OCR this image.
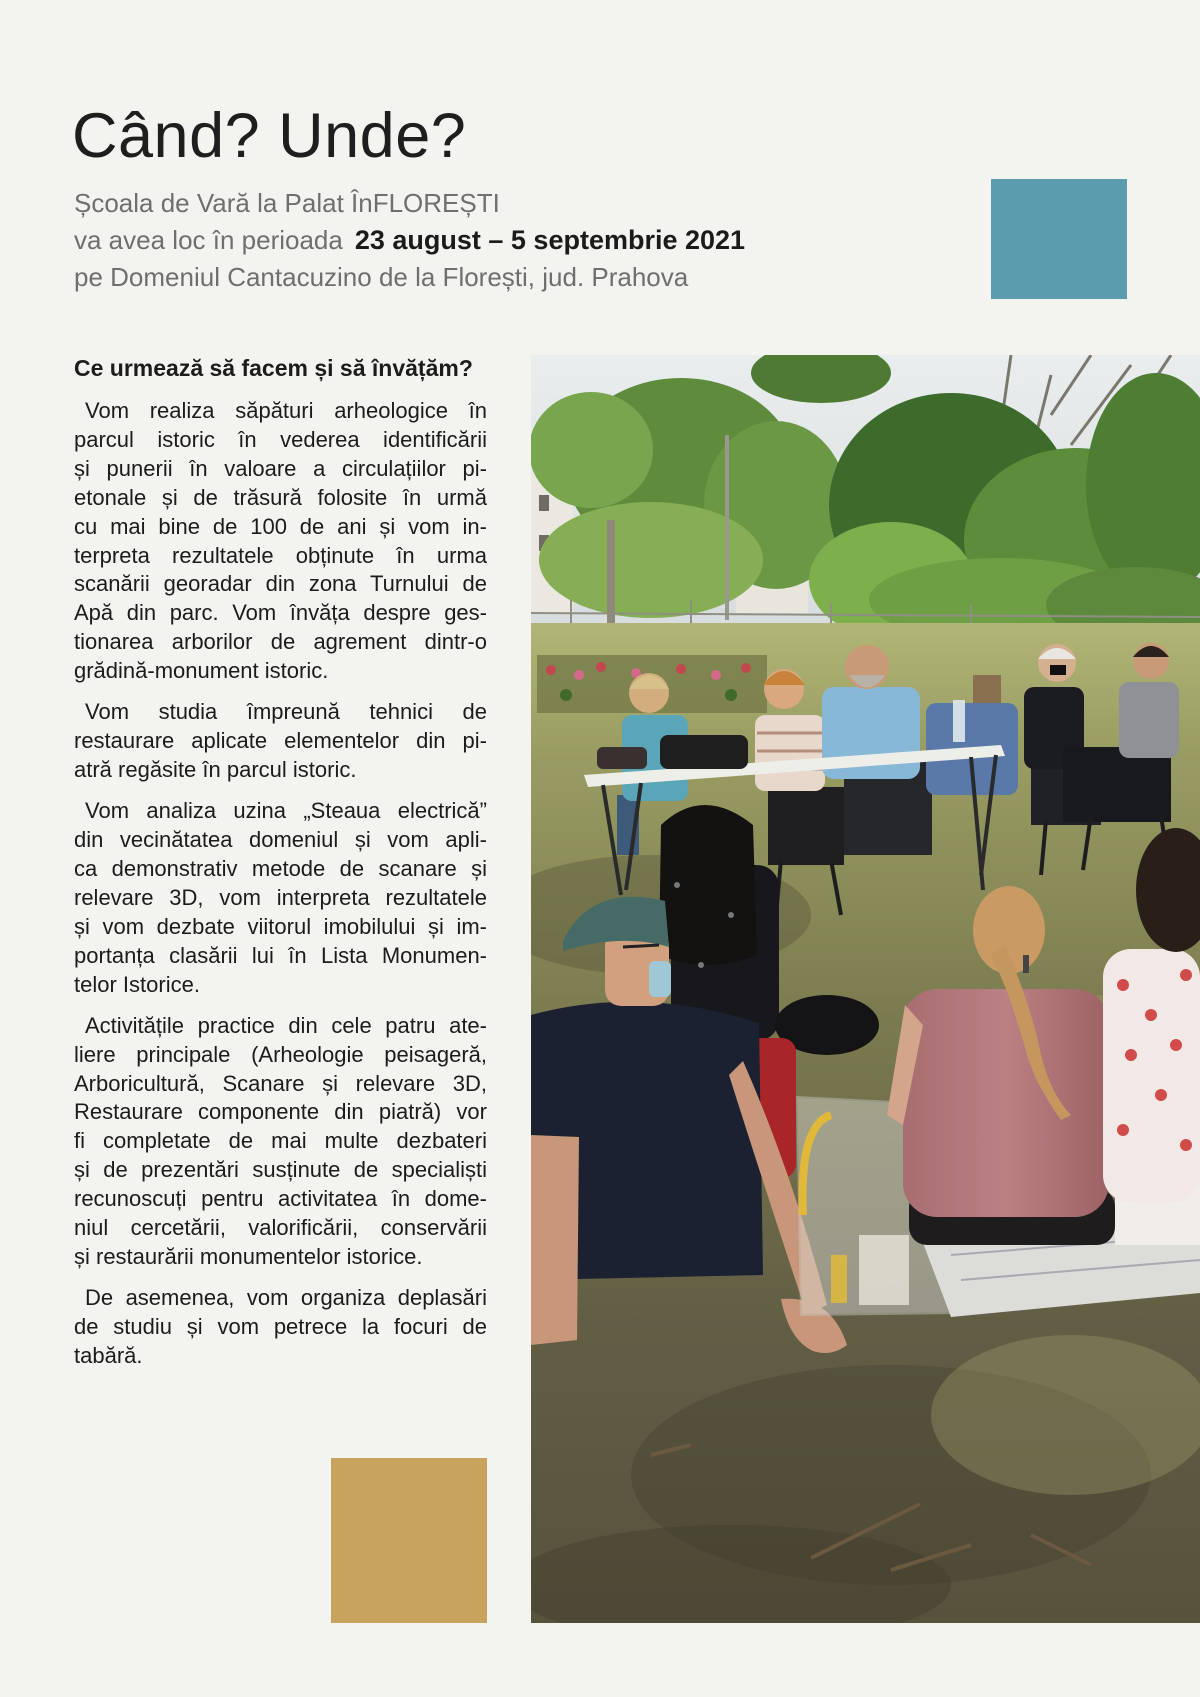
Când? Unde?
Școala de Vară la Palat ÎnFLOREȘTI
va avea loc în perioada 23 august – 5 septembrie 2021
pe Domeniul Cantacuzino de la Florești, jud. Prahova
Ce urmează să facem și să învățăm?
Vom realiza săpături arheologice în
parcul istoric în vederea identificării
și punerii în valoare a circulațiilor pi-
etonale și de trăsură folosite în urmă
cu mai bine de 100 de ani și vom in-
terpreta rezultatele obținute în urma
scanării georadar din zona Turnului de
Apă din parc. Vom învăța despre ges-
tionarea arborilor de agrement dintr-o
grădină-monument istoric.
Vom studia împreună tehnici de
restaurare aplicate elementelor din pi-
atră regăsite în parcul istoric.
Vom analiza uzina „Steaua electrică”
din vecinătatea domeniul și vom apli-
ca demonstrativ metode de scanare și
relevare 3D, vom interpreta rezultatele
și vom dezbate viitorul imobilului și im-
portanța clasării lui în Lista Monumen-
telor Istorice.
Activitățile practice din cele patru ate-
liere principale (Arheologie peisageră,
Arboricultură, Scanare și relevare 3D,
Restaurare componente din piatră) vor
fi completate de mai multe dezbateri
și de prezentări susținute de specialiști
recunoscuți pentru activitatea în dome-
niul cercetării, valorificării, conservării
și restaurării monumentelor istorice.
De asemenea, vom organiza deplasări
de studiu și vom petrece la focuri de
tabără.
